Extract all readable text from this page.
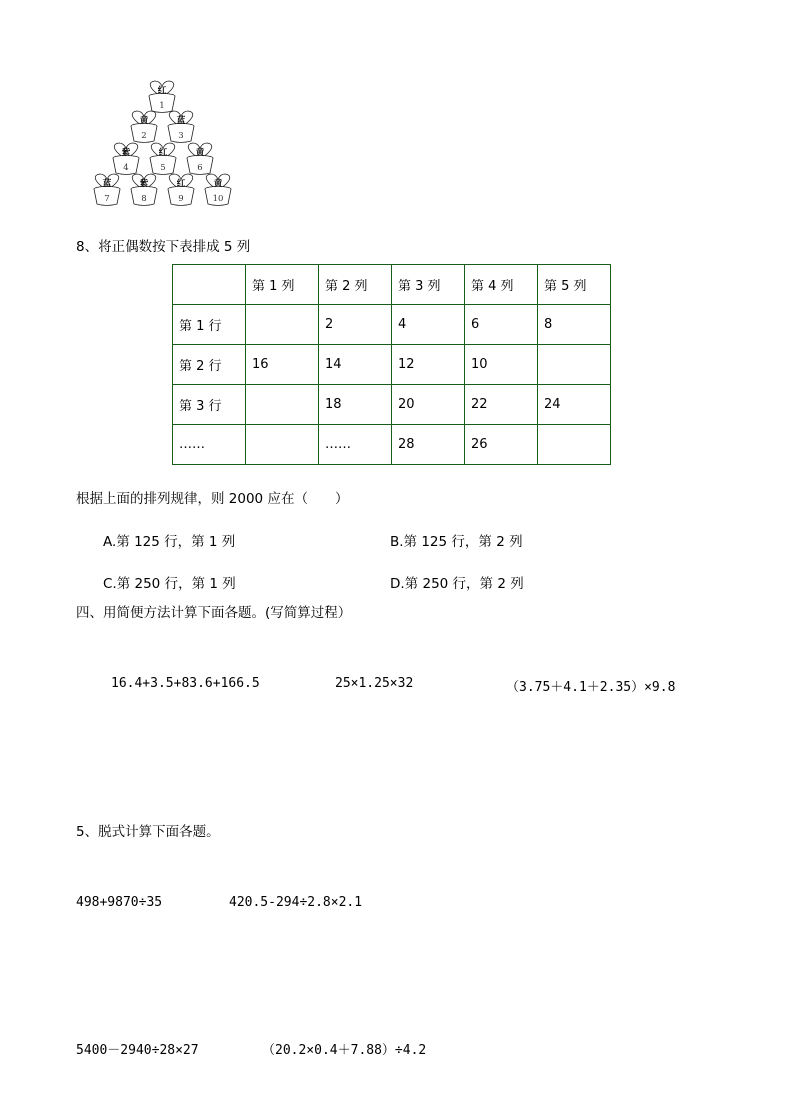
红
1
黄
2
蓝
3
紫
4
红
5
黄
6
蓝
7
紫
8
红
9
黄
10
8、将正偶数按下表排成 5 列
	第 1 列	第 2 列	第 3 列	第 4 列	第 5 列
第 1 行		2	4	6	8
第 2 行	16	14	12	10	
第 3 行		18	20	22	24
……		……	28	26	
根据上面的排列规律，则 2000 应在（　　）
A.第 125 行，第 1 列	B.第 125 行，第 2 列
C.第 250 行，第 1 列	D.第 250 行，第 2 列
四、用简便方法计算下面各题。(写简算过程）
16.4+3.5+83.6+166.5	25×1.25×32	（3.75＋4.1＋2.35）×9.8
5、脱式计算下面各题。
498+9870÷35	420.5-294÷2.8×2.1
5400－2940÷28×27	（20.2×0.4＋7.88）÷4.2
